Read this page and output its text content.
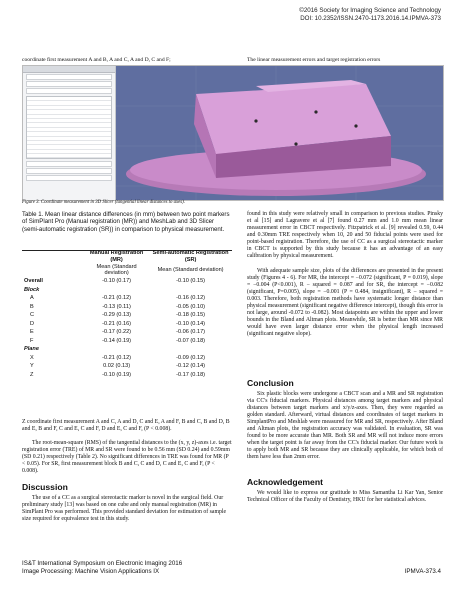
©2016 Society for Imaging Science and Technology
DOI: 10.2352/ISSN.2470-1173.2016.14.IPMVA-373
coordinate first measurement A and B, A and C, A and D, C and F;	The linear measurement errors and target registration errors
Figure 3. Coordinate measurement in 3D Slicer (tangential linear distances to axes).
Table 1. Mean linear distance differences (in mm) between two point markers of SimPlant Pro (Manual registration (MR)) and MeshLab and 3D Slicer (semi-automatic registration (SR)) in comparison to physical measurement.
	Manual Registration (MR)	Semi-automatic Registration (SR)
	Mean (Standard deviation)	Mean (Standard deviation)
Overall	-0.10 (0.17)	-0.10 (0.15)
Block		
A	-0.21 (0.12)	-0.16 (0.12)
B	-0.13 (0.11)	-0.05 (0.10)
C	-0.29 (0.13)	-0.18 (0.15)
D	-0.21 (0.16)	-0.10 (0.14)
E	-0.17 (0.22)	-0.06 (0.17)
F	-0.14 (0.19)	-0.07 (0.18)
Plane		
X	-0.21 (0.12)	-0.09 (0.12)
Y	0.02 (0.13)	-0.12 (0.14)
Z	-0.10 (0.19)	-0.17 (0.18)
Z coordinate first measurement A and C, A and D, C and E, A and F, B and C, B and D, B and E, B and F, C and E, C and F, D and E, C and F, (P < 0.008).
The root-mean-square (RMS) of the tangential distances to the (x, y, z)-axes i.e. target registration error (TRE) of MR and SR were found to be 0.56 mm (SD 0.24) and 0.59mm (SD 0.21) respectively (Table 2). No significant differences in TRE was found for MR (P < 0.05). For SR, first measurement block B and C, C and D, C and E, C and F, (P < 0.008).
Discussion
The use of a CC as a surgical stereotactic marker is novel in the surgical field. Our preliminary study [13] was based on one cube and only manual registration (MR) in SimPlant Pro was performed. This provided standard deviation for estimation of sample size required for equivalence test in this study.
found in this study were relatively small in comparison to previous studies. Pinsky et al [15] and Lagravere et al [7] found 0.27 mm and 1.0 mm mean linear measurement error in CBCT respectively. Fitzpatrick et al. [9] revealed 0.59, 0.44 and 0.30mm TRE respectively when 10, 20 and 50 fiducial points were used for point-based registration. Therefore, the use of CC as a surgical stereotactic marker in CBCT is supported by this study because it has an advantage of an easy calibration by physical measurement.
With adequate sample size, plots of the differences are presented in the present study (Figures 4 - 6). For MR, the intercept = −0.072 (significant, P = 0.019), slope = −0.004 (P<0.001), R − squared = 0.087 and for SR, the intercept = −0.082 (significant, P=0.005), slope = −0.001 (P = 0.484, insignificant), R − squared = 0.003. Therefore, both registration methods have systematic longer distance than physical measurement (significant negative difference intercept), though this error is not large, around -0.072 to -0.082). Most datapoints are within the upper and lower bounds in the Bland and Altman plots. Meanwhile, SR is better than MR since MR would have even larger distance error when the physical length increased (significant negative slope).
Conclusion
Six plastic blocks were undergone a CBCT scan and a MR and SR registration via CC's fiducial markers. Physical distances among target markers and physical distances between target markers and x/y/z-axes. Then, they were regarded as golden standard. Afterward, virtual distances and coordinates of target markers in SimplantPro and Meshlab were measured for MR and SR, respectively. After Bland and Altman plots, the registration accuracy was validated. In evaluation, SR was found to be more accurate than MR. Both SR and MR will not induce more errors when the target point is far away from the CC's fiducial marker. Our future work is to apply both MR and SR because they are clinically applicable, for which both of them have less than 2mm error.
Acknowledgement
We would like to express our gratitude to Miss Samantha Li Kar Yan, Senior Technical Officer of the Faculty of Dentistry, HKU for her statistical advices.
IS&T International Symposium on Electronic Imaging 2016
Image Processing: Machine Vision Applications IX	IPMVA-373.4
